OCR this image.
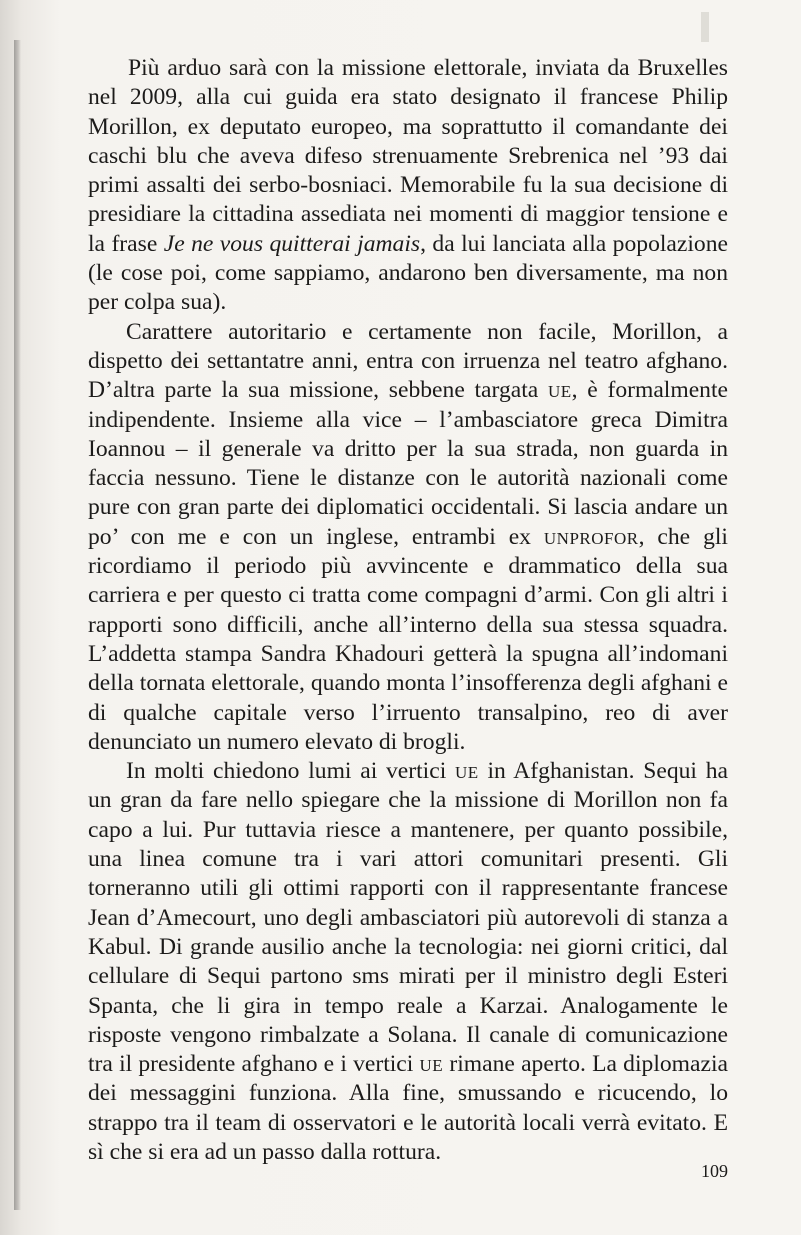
Più arduo sarà con la missione elettorale, inviata da Bruxelles nel 2009, alla cui guida era stato designato il francese Philip Morillon, ex deputato europeo, ma soprattutto il comandante dei caschi blu che aveva difeso strenuamente Srebrenica nel ’93 dai primi assalti dei serbo-bosniaci. Memorabile fu la sua decisione di presidiare la cittadina assediata nei momenti di maggior tensione e la frase Je ne vous quitterai jamais, da lui lanciata alla popolazione (le cose poi, come sappiamo, andarono ben diversamente, ma non per colpa sua).

Carattere autoritario e certamente non facile, Morillon, a dispetto dei settantatre anni, entra con irruenza nel teatro afghano. D’altra parte la sua missione, sebbene targata ue, è formalmente indipendente. Insieme alla vice – l’ambasciatore greca Dimitra Ioannou – il generale va dritto per la sua strada, non guarda in faccia nessuno. Tiene le distanze con le autorità nazionali come pure con gran parte dei diplomatici occidentali. Si lascia andare un po’ con me e con un inglese, entrambi ex unprofor, che gli ricordiamo il periodo più avvincente e drammatico della sua carriera e per questo ci tratta come compagni d’armi. Con gli altri i rapporti sono difficili, anche all’interno della sua stessa squadra. L’addetta stampa Sandra Khadouri getterà la spugna all’indomani della tornata elettorale, quando monta l’insofferenza degli afghani e di qualche capitale verso l’irruento transalpino, reo di aver denunciato un numero elevato di brogli.

In molti chiedono lumi ai vertici ue in Afghanistan. Sequi ha un gran da fare nello spiegare che la missione di Morillon non fa capo a lui. Pur tuttavia riesce a mantenere, per quanto possibile, una linea comune tra i vari attori comunitari presenti. Gli torneranno utili gli ottimi rapporti con il rappresentante francese Jean d’Amecourt, uno degli ambasciatori più autorevoli di stanza a Kabul. Di grande ausilio anche la tecnologia: nei giorni critici, dal cellulare di Sequi partono sms mirati per il ministro degli Esteri Spanta, che li gira in tempo reale a Karzai. Analogamente le risposte vengono rimbalzate a Solana. Il canale di comunicazione tra il presidente afghano e i vertici ue rimane aperto. La diplomazia dei messaggini funziona. Alla fine, smussando e ricucendo, lo strappo tra il team di osservatori e le autorità locali verrà evitato. E sì che si era ad un passo dalla rottura.

109
